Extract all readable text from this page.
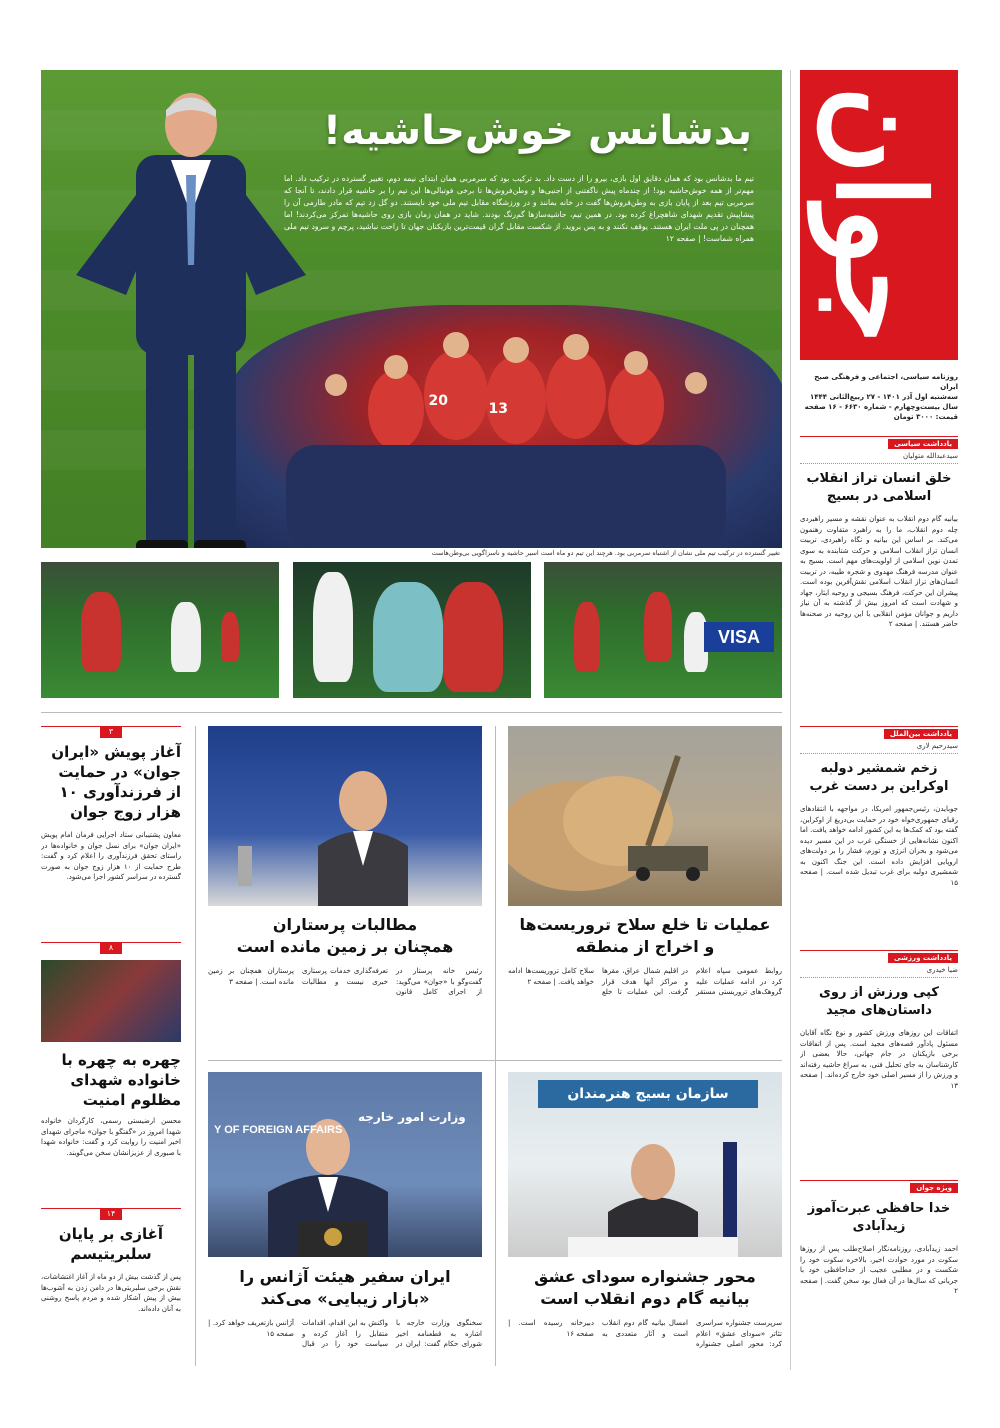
جوان
روزنامه سیاسی، اجتماعی و فرهنگی صبح ایران
سه‌شنبه اول آذر ۱۴۰۱ - ۲۷ ربیع‌الثانی ۱۴۴۴
سال بیست‌وچهارم - شماره ۶۶۳۰ - ۱۶ صفحه
قیمت: ۳۰۰۰ تومان
20	13
بدشانس خوش‌حاشیه!
تیم ما بدشانس بود که همان دقایق اول بازی، بیرو را از دست داد. بد ترکیب بود که سرمربی همان ابتدای نیمه دوم، تغییر گسترده در ترکیب داد. اما مهم‌تر از همه خوش‌حاشیه بود! از چندماه پیش ناگفتنی از اجنبی‌ها و وطن‌فروش‌ها تا برخی فوتبالی‌ها این تیم را بر حاشیه قرار دادند، تا آنجا که سرمربی تیم بعد از پایان بازی به وطن‌فروش‌ها گفت در خانه بمانند و در ورزشگاه مقابل تیم ملی خود نایستند. دو گل زد تیم که مادر طارمی آن را پیشاپیش تقدیم شهدای شاهچراغ کرده بود. در همین تیم، حاشیه‌سازها گم‌رنگ بودند. شاید در همان زمان بازی روی حاشیه‌ها تمرکز می‌کردند! اما همچنان در پی ملت ایران هستند. یوقف نکنند و به پس بروید. از شکست مقابل گران قیمت‌ترین بازیکنان جهان تا راحت نباشید، پرچم و سرود تیم ملی همراه شماست! | صفحه ۱۲
تغییر گسترده در ترکیب تیم ملی نشان از اشتباه سرمربی بود. هرچند این تیم دو ماه است اسیر حاشیه و ناسزاگویی بی‌وطن‌هاست
VISA
یادداشت سیاسی
سیدعبدالله متولیان
خلق انسان تراز انقلاب اسلامی در بسیج
بیانیه گام دوم انقلاب به عنوان نقشه و مسیر راهبردی چله دوم انقلاب، ما را به راهبرد متفاوت رهنمون می‌کند. بر اساس این بیانیه و نگاه راهبردی، تربیت انسان تراز انقلاب اسلامی و حرکت شتابنده به سوی تمدن نوین اسلامی از اولویت‌های مهم است. بسیج به عنوان مدرسه فرهنگ مهدوی و شجره طیبه، در تربیت انسان‌های تراز انقلاب اسلامی نقش‌آفرین بوده است. پیشران این حرکت، فرهنگ بسیجی و روحیه ایثار، جهاد و شهادت است که امروز بیش از گذشته به آن نیاز داریم و جوانان مؤمن انقلابی با این روحیه در صحنه‌ها حاضر هستند. | صفحه ۲
یادداشت بین‌الملل
سیدرحیم لاری
زخم شمشیر دولبه اوکراین بر دست غرب
جوبایدن، رئیس‌جمهور امریکا، در مواجهه با انتقادهای رقبای جمهوری‌خواه خود در حمایت بی‌دریغ از اوکراین، گفته بود که کمک‌ها به این کشور ادامه خواهد یافت. اما اکنون نشانه‌هایی از خستگی غرب در این مسیر دیده می‌شود و بحران انرژی و تورم، فشار را بر دولت‌های اروپایی افزایش داده است. این جنگ اکنون به شمشیری دولبه برای غرب تبدیل شده است. | صفحه ۱۵
یادداشت ورزشی
ضیا خیدری
کپی ورزش از روی داستان‌های مجید
اتفاقات این روزهای ورزش کشور و نوع نگاه آقایان مسئول پادآور قصه‌های مجید است. پس از اتفاقات برخی بازیکنان در جام جهانی، حالا بعضی از کارشناسان به جای تحلیل فنی، به سراغ حاشیه رفته‌اند و ورزش را از مسیر اصلی خود خارج کرده‌اند. | صفحه ۱۳
ویژه جوان
خدا حافظی عبرت‌آموز زیدآبادی
احمد زیدآبادی، روزنامه‌نگار اصلاح‌طلب پس از روزها سکوت در مورد حوادث اخیر، بالاخره سکوت خود را شکست و در مطلبی عجیب از خداحافظی خود با جریانی که سال‌ها در آن فعال بود سخن گفت. | صفحه ۲
۳
آغاز پویش «ایران جوان» در حمایت از فرزندآوری ۱۰ هزار زوج جوان
معاون پشتیبانی ستاد اجرایی فرمان امام پویش «ایران جوان» برای نسل جوان و خانواده‌ها در راستای تحقق فرزندآوری را اعلام کرد و گفت: طرح حمایت از ۱۰ هزار زوج جوان به صورت گسترده در سراسر کشور اجرا می‌شود.
۸
چهره به چهره با خانواده شهدای مظلوم امنیت
محسن ارضیستی رسمی، کارگردان خانواده شهدا امروز در «گفتگو با جوان» ماجرای شهدای اخیر امنیت را روایت کرد و گفت: خانواده شهدا با صبوری از عزیزانشان سخن می‌گویند.
۱۴
آغازی بر پایان سلبریتیسم
پس از گذشت بیش از دو ماه از آغاز اغتشاشات، نقش برخی سلبریتی‌ها در دامن زدن به آشوب‌ها بیش از پیش آشکار شده و مردم پاسخ روشنی به آنان داده‌اند.
عملیات تا خلع سلاح تروریست‌ها
و اخراج از منطقه
روابط عمومی سپاه اعلام کرد در ادامه عملیات علیه گروهک‌های تروریستی مستقر در اقلیم شمال عراق، مقرها و مراکز آنها هدف قرار گرفت. این عملیات تا خلع سلاح کامل تروریست‌ها ادامه خواهد یافت. | صفحه ۲
مطالبات پرستاران
همچنان بر زمین مانده است
رئیس خانه پرستار در گفت‌وگو با «جوان» می‌گوید: از اجرای کامل قانون تعرفه‌گذاری خدمات پرستاری خبری نیست و مطالبات پرستاران همچنان بر زمین مانده است. | صفحه ۳
سازمان بسیج هنرمندان
محور جشنواره سودای عشق
بیانیه گام دوم انقلاب است
سرپرست جشنواره سراسری تئاتر «سودای عشق» اعلام کرد: محور اصلی جشنواره امسال بیانیه گام دوم انقلاب است و آثار متعددی به دبیرخانه رسیده است. | صفحه ۱۶
Y OF FOREIGN AFFAIRS
وزارت امور خارجه
ایران سفیر هیئت آژانس را
«بازار زیبایی» می‌کند
سخنگوی وزارت خارجه با اشاره به قطعنامه اخیر شورای حکام گفت: ایران در واکنش به این اقدام، اقدامات متقابل را آغاز کرده و سیاست خود را در قبال آژانس بازتعریف خواهد کرد. | صفحه ۱۵
